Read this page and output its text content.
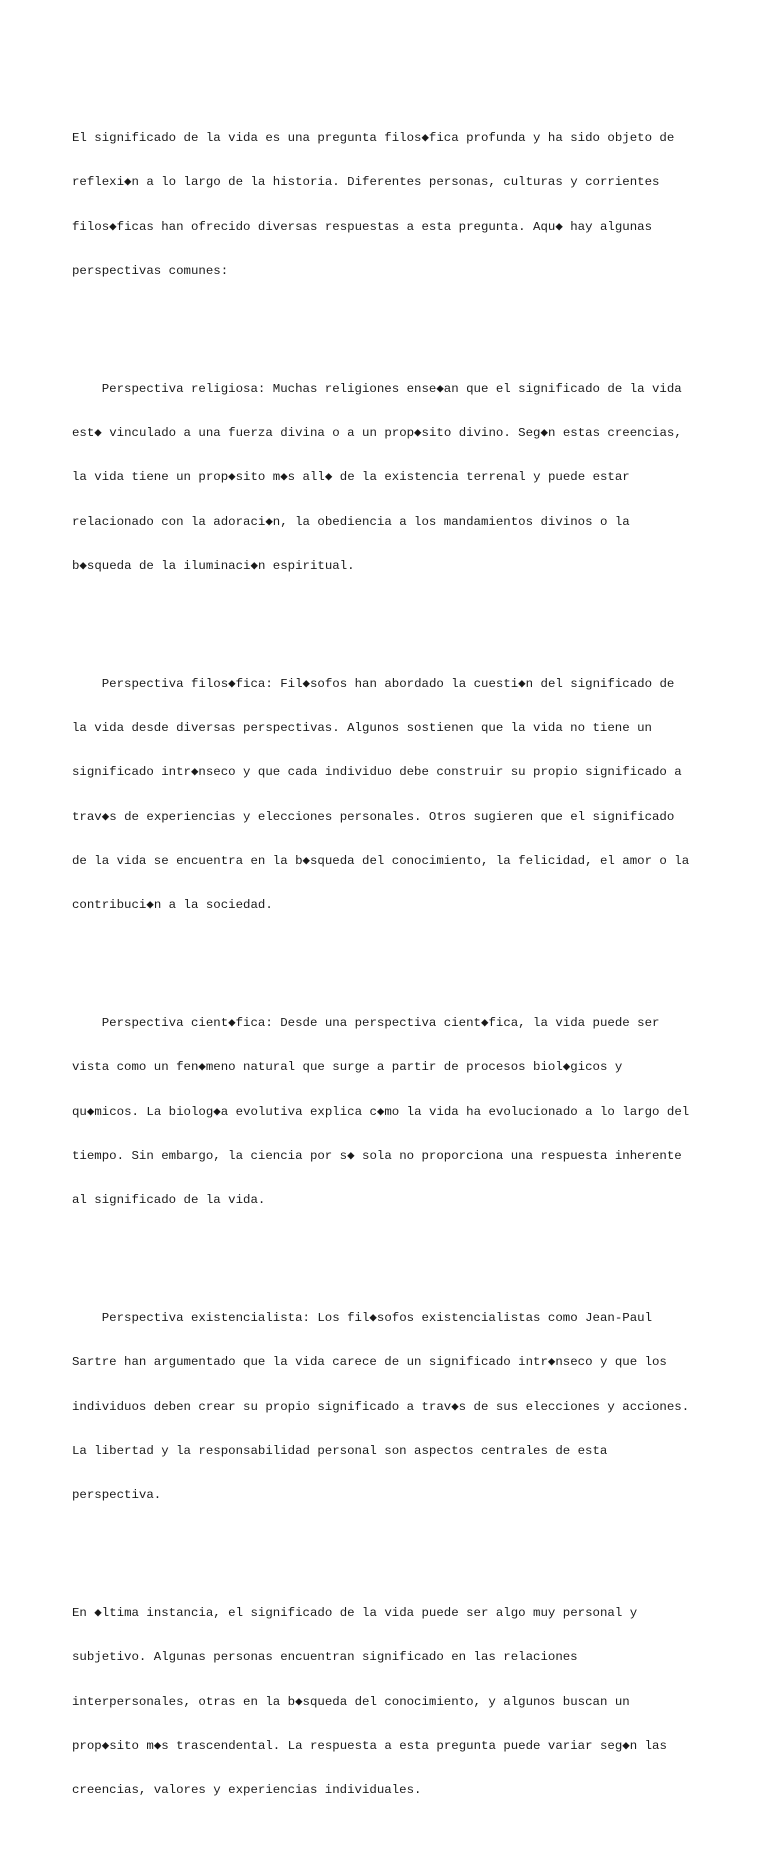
El significado de la vida es una pregunta filos◆fica profunda y ha sido objeto de

reflexi◆n a lo largo de la historia. Diferentes personas, culturas y corrientes

filos◆ficas han ofrecido diversas respuestas a esta pregunta. Aqu◆ hay algunas

perspectivas comunes:

Perspectiva religiosa: Muchas religiones ense◆an que el significado de la vida

est◆ vinculado a una fuerza divina o a un prop◆sito divino. Seg◆n estas creencias,

la vida tiene un prop◆sito m◆s all◆ de la existencia terrenal y puede estar

relacionado con la adoraci◆n, la obediencia a los mandamientos divinos o la

b◆squeda de la iluminaci◆n espiritual.

Perspectiva filos◆fica: Fil◆sofos han abordado la cuesti◆n del significado de

la vida desde diversas perspectivas. Algunos sostienen que la vida no tiene un

significado intr◆nseco y que cada individuo debe construir su propio significado a

trav◆s de experiencias y elecciones personales. Otros sugieren que el significado

de la vida se encuentra en la b◆squeda del conocimiento, la felicidad, el amor o la

contribuci◆n a la sociedad.

Perspectiva cient◆fica: Desde una perspectiva cient◆fica, la vida puede ser

vista como un fen◆meno natural que surge a partir de procesos biol◆gicos y

qu◆micos. La biolog◆a evolutiva explica c◆mo la vida ha evolucionado a lo largo del

tiempo. Sin embargo, la ciencia por s◆ sola no proporciona una respuesta inherente

al significado de la vida.

Perspectiva existencialista: Los fil◆sofos existencialistas como Jean-Paul

Sartre han argumentado que la vida carece de un significado intr◆nseco y que los

individuos deben crear su propio significado a trav◆s de sus elecciones y acciones.

La libertad y la responsabilidad personal son aspectos centrales de esta

perspectiva.

En ◆ltima instancia, el significado de la vida puede ser algo muy personal y

subjetivo. Algunas personas encuentran significado en las relaciones

interpersonales, otras en la b◆squeda del conocimiento, y algunos buscan un

prop◆sito m◆s trascendental. La respuesta a esta pregunta puede variar seg◆n las

creencias, valores y experiencias individuales.
